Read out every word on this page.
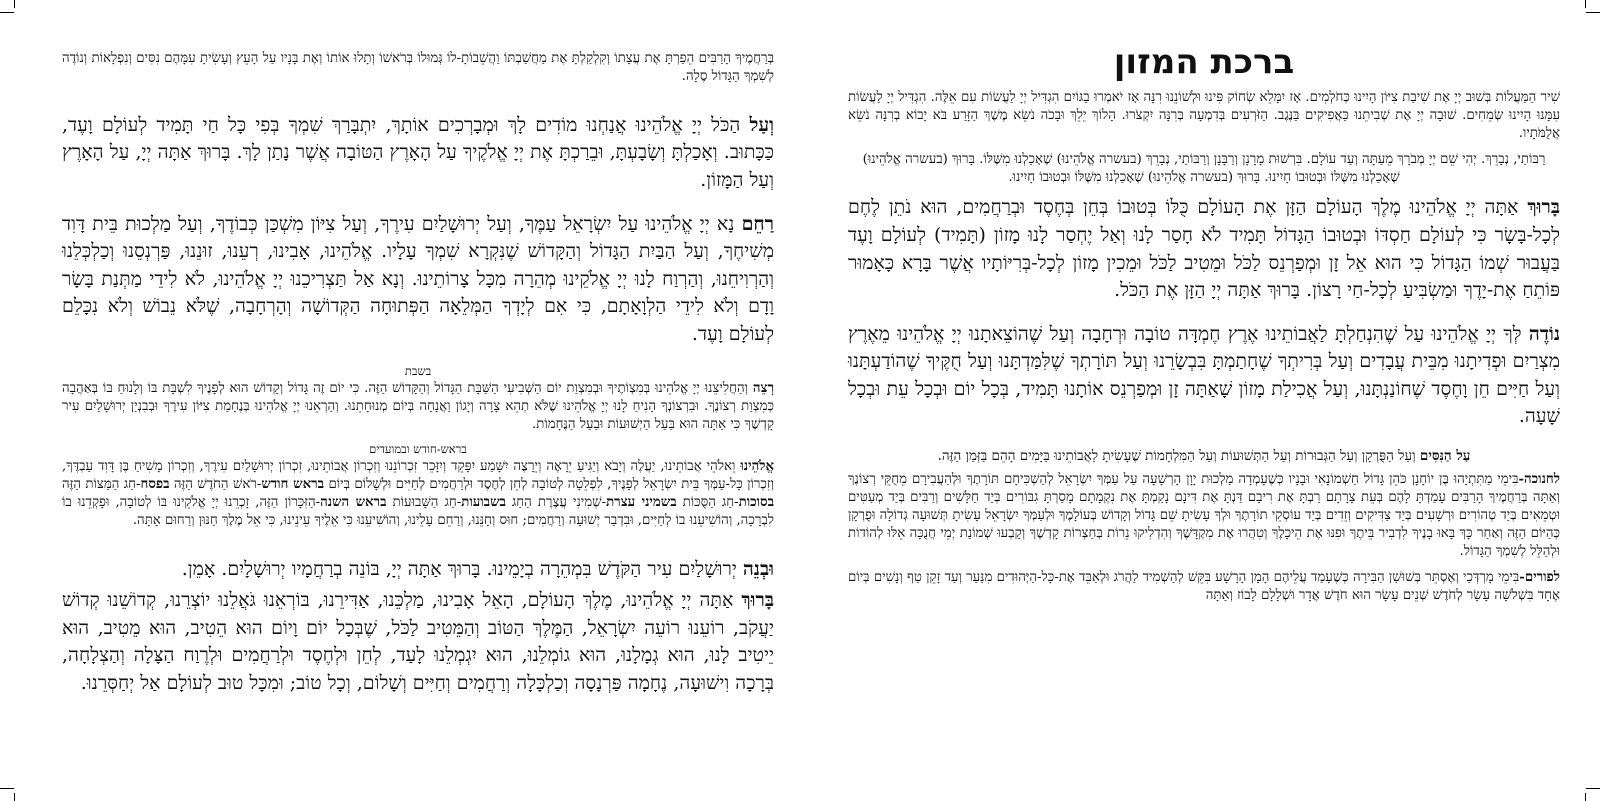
ברכת המזון

שִׁיר הַמַּעֲלוֹת בְּשׁוּב יְיָ אֶת שִׁיבַת צִיּוֹן הָיִינוּ כְּחֹלְמִים. אָז יִמָּלֵא שְׂחוֹק פִּינוּ וּלְשׁוֹנֵנוּ רִנָּה אָז יֹאמְרוּ בַגּוֹיִם הִגְדִּיל יְיָ לַעֲשׂוֹת עִם אֵלֶּה. הִגְדִּיל יְיָ לַעֲשׂוֹת עִמָּנוּ הָיִינוּ שְׂמֵחִים. שׁוּבָה יְיָ אֶת שְׁבִיתֵנוּ כַּאֲפִיקִים בַּנֶּגֶב. הַזֹּרְעִים בְּדִמְעָה בְּרִנָּה יִקְצֹרוּ. הָלוֹךְ יֵלֵךְ וּבָכֹה נֹשֵׂא מֶשֶׁךְ הַזָּרַע בֹּא יָבוֹא בְרִנָּה נֹשֵׂא אֲלֻמֹּתָיו.

רַבּוֹתַי, נְבָרֵךְ. יְהִי שֵׁם יְיָ מְבֹרָךְ מֵעַתָּה וְעַד עוֹלָם. בִּרְשׁוּת מָרָנָן וְרַבָּנָן וְרַבּוֹתַי, נְבָרֵךְ (בעשרה אֱלֹהֵינוּ) שֶׁאָכַלְנוּ מִשֶּׁלּוֹ. בָּרוּךְ (בעשרה אֱלֹהֵינוּ) שֶׁאָכַלְנוּ מִשֶּׁלּוֹ וּבְטוּבוֹ חָיִינוּ. בָּרוּךְ (בעשרה אֱלֹהֵינוּ) שֶׁאָכַלְנוּ מִשֶּׁלּוֹ וּבְטוּבוֹ חָיִינוּ.

בָּרוּךְ אַתָּה יְיָ אֱלֹהֵינוּ מֶלֶךְ הָעוֹלָם הַזָּן אֶת הָעוֹלָם כֻּלּוֹ בְּטוּבוֹ בְּחֵן בְּחֶסֶד וּבְרַחֲמִים, הוּא נֹתֵן לֶחֶם לְכָל-בָּשָׂר כִּי לְעוֹלָם חַסְדּוֹ וּבְטוּבוֹ הַגָּדוֹל תָּמִיד לֹא חָסַר לָנוּ וְאַל יֶחְסַר לָנוּ מָזוֹן (תָּמִיד) לְעוֹלָם וָעֶד בַּעֲבוּר שְׁמוֹ הַגָּדוֹל כִּי הוּא אֵל זָן וּמְפַרְנֵס לַכֹּל וּמֵטִיב לַכֹּל וּמֵכִין מָזוֹן לְכָל-בְּרִיּוֹתָיו אֲשֶׁר בָּרָא כָּאָמוּר פּוֹתֵחַ אֶת-יָדֶךָ וּמַשְׂבִּיעַ לְכָל-חַי רָצוֹן. בָּרוּךְ אַתָּה יְיָ הַזָּן אֶת הַכֹּל.

נוֹדֶה לְּךָ יְיָ אֱלֹהֵינוּ עַל שֶׁהִנְחַלְתָּ לַאֲבוֹתֵינוּ אֶרֶץ חֶמְדָּה טוֹבָה וּרְחָבָה וְעַל שֶׁהוֹצֵאתָנוּ יְיָ אֱלֹהֵינוּ מֵאֶרֶץ מִצְרַיִם וּפְדִיתָנוּ מִבֵּית עֲבָדִים וְעַל בְּרִיתְךָ שֶׁחָתַמְתָּ בִּבְשָׂרֵנוּ וְעַל תּוֹרָתְךָ שֶׁלִּמַּדְתָּנוּ וְעַל חֻקֶּיךָ שֶׁהוֹדַעְתָּנוּ וְעַל חַיִּים חֵן וָחֶסֶד שֶׁחוֹנַנְתָּנוּ, וְעַל אֲכִילַת מָזוֹן שָׁאַתָּה זָן וּמְפַרְנֵס אוֹתָנוּ תָּמִיד, בְּכָל יוֹם וּבְכָל עֵת וּבְכָל שָׁעָה.

עַל הַנִּסִּים וְעַל הַפֻּרְקָן וְעַל הַגְּבוּרוֹת וְעַל הַתְּשׁוּעוֹת וְעַל הַמִּלְחָמוֹת שֶׁעָשִׂיתָ לַאֲבוֹתֵינוּ בַּיָּמִים הָהֵם בַּזְּמַן הַזֶּה.

לחנוכה-בִּימֵי מַתִּתְיָהוּ בֶּן יוֹחָנָן כֹּהֵן גָּדוֹל חַשְׁמוֹנָאִי וּבָנָיו כְּשֶׁעָמְדָה מַלְכוּת יָוָן הָרְשָׁעָה עַל עַמְּךָ יִשְׂרָאֵל לְהַשְׁכִּיחָם תּוֹרָתֶךָ וּלְהַעֲבִירָם מֵחֻקֵּי רְצוֹנֶךָ וְאַתָּה בְּרַחֲמֶיךָ הָרַבִּים עָמַדְתָּ לָהֶם בְּעֵת צָרָתָם רַבְתָּ אֶת רִיבָם דַּנְתָּ אֶת דִּינָם נָקַמְתָּ אֶת נִקְמָתָם מָסַרְתָּ גִבּוֹרִים בְּיַד חַלָּשִׁים וְרַבִּים בְּיַד מְעַטִּים וּטְמֵאִים בְּיַד טְהוֹרִים וּרְשָׁעִים בְּיַד צַדִּיקִים וְזֵדִים בְּיַד עוֹסְקֵי תוֹרָתֶךָ וּלְךָ עָשִׂיתָ שֵׁם גָּדוֹל וְקָדוֹשׁ בְּעוֹלָמֶךָ וּלְעַמְּךָ יִשְׂרָאֵל עָשִׂיתָ תְּשׁוּעָה גְדוֹלָה וּפֻרְקָן כְּהַיּוֹם הַזֶּה וְאַחַר כָּךְ בָּאוּ בָנֶיךָ לִדְבִיר בֵּיתֶךָ וּפִנּוּ אֶת הֵיכָלֶךָ וְטִהֲרוּ אֶת מִקְדָּשֶׁךָ וְהִדְלִיקוּ נֵרוֹת בְּחַצְרוֹת קָדְשֶׁךָ וְקָבְעוּ שְׁמוֹנַת יְמֵי חֲנֻכָּה אֵלּוּ לְהוֹדוֹת וּלְהַלֵּל לְשִׁמְךָ הַגָּדוֹל.

לפורים-בִּימֵי מָרְדְּכַי וְאֶסְתֵּר בְּשׁוּשַׁן הַבִּירָה כְּשֶׁעָמַד עֲלֵיהֶם הָמָן הָרָשָׁע בִּקֵּשׁ לְהַשְׁמִיד לַהֲרֹג וּלְאַבֵּד אֶת-כָּל-הַיְּהוּדִים מִנַּעַר וְעַד זָקֵן טַף וְנָשִׁים בְּיוֹם אֶחָד בִּשְׁלֹשָׁה עָשָׂר לְחֹדֶשׁ שְׁנֵים עָשָׂר הוּא חֹדֶשׁ אֲדָר וּשְׁלָלָם לָבוֹז וְאַתָּה

בְּרַחֲמֶיךָ הָרַבִּים הֵפַרְתָּ אֶת עֲצָתוֹ וְקִלְקַלְתָּ אֶת מַחֲשַׁבְתּוֹ וַהֲשֵׁבוֹתָ-לוֹ גְּמוּלוֹ בְּרֹאשׁוֹ וְתָלוּ אוֹתוֹ וְאֶת בָּנָיו עַל הָעֵץ וְעָשִׂיתָ עִמָּהֶם נִסִּים וְנִפְלָאוֹת וְנוֹדֶה לְשִׁמְךָ הַגָּדוֹל סֶלָה.

וְעַל הַכֹּל יְיָ אֱלֹהֵינוּ אֲנַחְנוּ מוֹדִים לָךְ וּמְבָרְכִים אוֹתָךְ, יִתְבָּרַךְ שִׁמְךָ בְּפִי כָּל חַי תָּמִיד לְעוֹלָם וָעֶד, כַּכָּתוּב. וְאָכַלְתָּ וְשָׂבָעְתָּ, וּבֵרַכְתָּ אֶת יְיָ אֱלֹקֶיךָ עַל הָאָרֶץ הַטּוֹבָה אֲשֶׁר נָתַן לָךְ. בָּרוּךְ אַתָּה יְיָ, עַל הָאָרֶץ וְעַל הַמָּזוֹן.

רַחֵם נָא יְיָ אֱלֹהֵינוּ עַל יִשְׂרָאֵל עַמֶּךָ, וְעַל יְרוּשָׁלַיִם עִירֶךָ, וְעַל צִיּוֹן מִשְׁכַּן כְּבוֹדֶךָ, וְעַל מַלְכוּת בֵּית דָּוִד מְשִׁיחֶךָ, וְעַל הַבַּיִת הַגָּדוֹל וְהַקָּדוֹשׁ שֶׁנִּקְרָא שִׁמְךָ עָלָיו. אֱלֹהֵינוּ, אָבִינוּ, רְעֵנוּ, זוּנֵנוּ, פַּרְנְסֵנוּ וְכַלְכְּלֵנוּ וְהַרְוִיחֵנוּ, וְהַרְוַח לָנוּ יְיָ אֱלֹקֵינוּ מְהֵרָה מִכָּל צָרוֹתֵינוּ. וְנָא אַל תַּצְרִיכֵנוּ יְיָ אֱלֹהֵינוּ, לֹא לִידֵי מַתְּנַת בָּשָׂר וָדָם וְלֹא לִידֵי הַלְוָאָתָם, כִּי אִם לְיָדְךָ הַמְּלֵאָה הַפְּתוּחָה הַקְּדוֹשָׁה וְהָרְחָבָה, שֶׁלֹּא נֵבוֹשׁ וְלֹא נִכָּלֵם לְעוֹלָם וָעֶד.

בשבת

רְצֵה וְהַחֲלִיצֵנוּ יְיָ אֱלֹהֵינוּ בְּמִצְוֹתֶיךָ וּבְמִצְוַת יוֹם הַשְּׁבִיעִי הַשַּׁבָּת הַגָּדוֹל וְהַקָּדוֹשׁ הַזֶּה. כִּי יוֹם זֶה גָּדוֹל וְקָדוֹשׁ הוּא לְפָנֶיךָ לִשְׁבָּת בּוֹ וְלָנוּחַ בּוֹ בְּאַהֲבָה כְּמִצְוַת רְצוֹנֶךָ. וּבִרְצוֹנְךָ הָנִיחַ לָנוּ יְיָ אֱלֹהֵינוּ שֶׁלֹּא תְהֵא צָרָה וְיָגוֹן וַאֲנָחָה בְּיוֹם מְנוּחָתֵנוּ. וְהַרְאֵנוּ יְיָ אֱלֹהֵינוּ בְּנֶחָמַת צִיּוֹן עִירֶךָ וּבְבִנְיַן יְרוּשָׁלַיִם עִיר קָדְשֶׁךָ כִּי אַתָּה הוּא בַּעַל הַיְשׁוּעוֹת וּבַעַל הַנֶּחָמוֹת.

בראש-חודש ובמועדים

אֱלֹהֵינוּ וֵאלֹהֵי אֲבוֹתֵינוּ, יַעֲלֶה וְיָבֹא וְיַגִּיעַ יֵרָאֶה וְיֵרָצֶה יִשָּׁמַע יִפָּקֵד וְיִזָּכֵר זִכְרוֹנֵנוּ וְזִכְרוֹן אֲבוֹתֵינוּ, זִכְרוֹן יְרוּשָׁלַיִם עִירֶךָ, וְזִכְרוֹן מָשִׁיחַ בֶּן דָּוִד עַבְדֶּךָ, וְזִכְרוֹן כָּל-עַמְּךָ בֵּית יִשְׂרָאֵל לְפָנֶיךָ, לִפְלֵטָה לְטוֹבָה לְחֵן לְחֶסֶד וּלְרַחֲמִים לְחַיִּים וּלְשָׁלוֹם בְּיוֹם בראש חודש-רֹאשׁ הַחֹדֶשׁ הַזֶּה בפסח-חַג הַמַּצּוֹת הַזֶּה בסוכות-חַג הַסֻּכּוֹת בשמיני עצרת-שְׁמִינִי עֲצֶרֶת הַחַג בשבועות-חַג הַשָּׁבוּעוֹת בראש השנה-הַזִּכָּרוֹן הַזֶּה, זָכְרֵנוּ יְיָ אֱלֹקֵינוּ בּוֹ לְטוֹבָה, וּפָקְדֵנוּ בוֹ לִבְרָכָה, וְהוֹשִׁיעֵנוּ בוֹ לְחַיִּים, וּבִדְבַר יְשׁוּעָה וְרַחֲמִים; חוּס וְחָנֵּנוּ, וְרַחֵם עָלֵינוּ, וְהוֹשִׁיעֵנוּ כִּי אֵלֶיךָ עֵינֵינוּ, כִּי אֵל מֶלֶךְ חַנּוּן וְרַחוּם אָתָּה.

וּבְנֵה יְרוּשָׁלַיִם עִיר הַקֹּדֶשׁ בִּמְהֵרָה בְיָמֵינוּ. בָּרוּךְ אַתָּה יְיָ, בּוֹנֵה בְרַחֲמָיו יְרוּשָׁלָיִם. אָמֵן.

בָּרוּךְ אַתָּה יְיָ אֱלֹהֵינוּ, מֶלֶךְ הָעוֹלָם, הָאֵל אָבִינוּ, מַלְכֵּנוּ, אַדִּירֵנוּ, בּוֹרְאֵנוּ גֹּאֲלֵנוּ יוֹצְרֵנוּ, קְדוֹשֵׁנוּ קְדוֹשׁ יַעֲקֹב, רוֹעֵנוּ רוֹעֵה יִשְׂרָאֵל, הַמֶּלֶךְ הַטּוֹב וְהַמֵּטִיב לַכֹּל, שֶׁבְּכָל יוֹם וָיוֹם הוּא הֵטִיב, הוּא מֵטִיב, הוּא יֵיטִיב לָנוּ, הוּא גְמָלָנוּ, הוּא גוֹמְלֵנוּ, הוּא יִגְמְלֵנוּ לָעַד, לְחֵן וּלְחֶסֶד וּלְרַחֲמִים וּלְרֶוַח הַצָּלָה וְהַצְלָחָה, בְּרָכָה וִישׁוּעָה, נֶחָמָה פַּרְנָסָה וְכַלְכָּלָה וְרַחֲמִים וְחַיִּים וְשָׁלוֹם, וְכָל טוֹב; וּמִכָּל טוּב לְעוֹלָם אַל יְחַסְּרֵנוּ.
